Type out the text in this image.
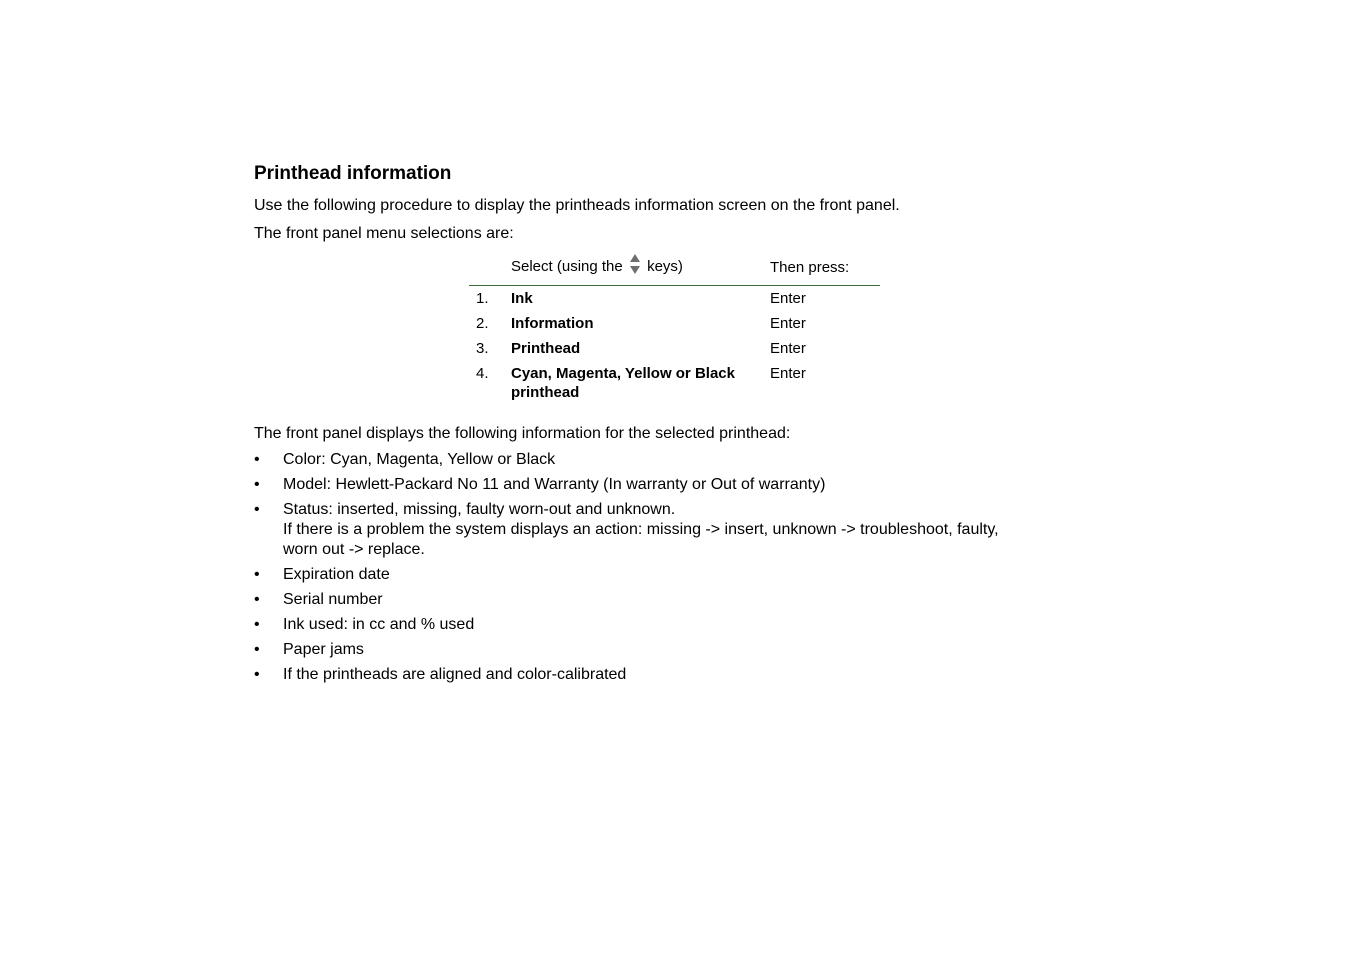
Printhead information

Use the following procedure to display the printheads information screen on the front panel.

The front panel menu selections are:

	Select (using the keys)	Then press:
1.	Ink	Enter
2.	Information	Enter
3.	Printhead	Enter
4.	Cyan, Magenta, Yellow or Black printhead	Enter

The front panel displays the following information for the selected printhead:

• Color: Cyan, Magenta, Yellow or Black
• Model: Hewlett-Packard No 11 and Warranty (In warranty or Out of warranty)
• Status: inserted, missing, faulty worn-out and unknown.
If there is a problem the system displays an action: missing -> insert, unknown -> troubleshoot, faulty, worn out -> replace.
• Expiration date
• Serial number
• Ink used: in cc and % used
• Paper jams
• If the printheads are aligned and color-calibrated
